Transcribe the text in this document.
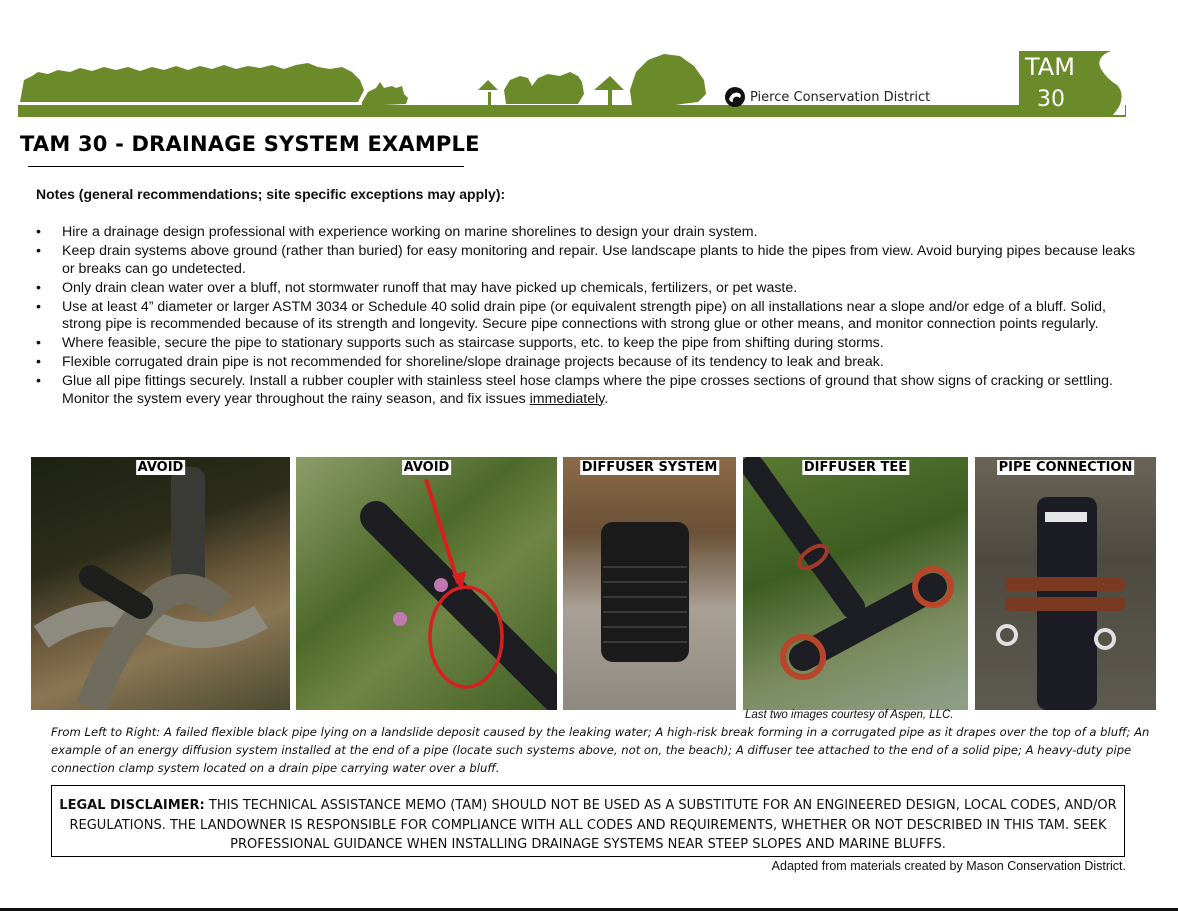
Pierce Conservation District
TAM
30
TAM 30 - DRAINAGE SYSTEM EXAMPLE
Notes (general recommendations; site specific exceptions may apply):
• Hire a drainage design professional with experience working on marine shorelines to design your drain system.
• Keep drain systems above ground (rather than buried) for easy monitoring and repair. Use landscape plants to hide the pipes from view. Avoid burying pipes because leaks or breaks can go undetected.
• Only drain clean water over a bluff, not stormwater runoff that may have picked up chemicals, fertilizers, or pet waste.
• Use at least 4” diameter or larger ASTM 3034 or Schedule 40 solid drain pipe (or equivalent strength pipe) on all installations near a slope and/or edge of a bluff. Solid, strong pipe is recommended because of its strength and longevity. Secure pipe connections with strong glue or other means, and monitor connection points regularly.
• Where feasible, secure the pipe to stationary supports such as staircase supports, etc. to keep the pipe from shifting during storms.
• Flexible corrugated drain pipe is not recommended for shoreline/slope drainage projects because of its tendency to leak and break.
• Glue all pipe fittings securely. Install a rubber coupler with stainless steel hose clamps where the pipe crosses sections of ground that show signs of cracking or settling. Monitor the system every year throughout the rainy season, and fix issues immediately.
AVOID	AVOID	DIFFUSER SYSTEM	DIFFUSER TEE	PIPE CONNECTION
Last two images courtesy of Aspen, LLC.

From Left to Right: A failed flexible black pipe lying on a landslide deposit caused by the leaking water; A high-risk break forming in a corrugated pipe as it drapes over the top of a bluff; An example of an energy diffusion system installed at the end of a pipe (locate such systems above, not on, the beach); A diffuser tee attached to the end of a solid pipe; A heavy-duty pipe connection clamp system located on a drain pipe carrying water over a bluff.

LEGAL DISCLAIMER: THIS TECHNICAL ASSISTANCE MEMO (TAM) SHOULD NOT BE USED AS A SUBSTITUTE FOR AN ENGINEERED DESIGN, LOCAL CODES, AND/OR REGULATIONS. THE LANDOWNER IS RESPONSIBLE FOR COMPLIANCE WITH ALL CODES AND REQUIREMENTS, WHETHER OR NOT DESCRIBED IN THIS TAM. SEEK PROFESSIONAL GUIDANCE WHEN INSTALLING DRAINAGE SYSTEMS NEAR STEEP SLOPES AND MARINE BLUFFS.
Adapted from materials created by Mason Conservation District.
